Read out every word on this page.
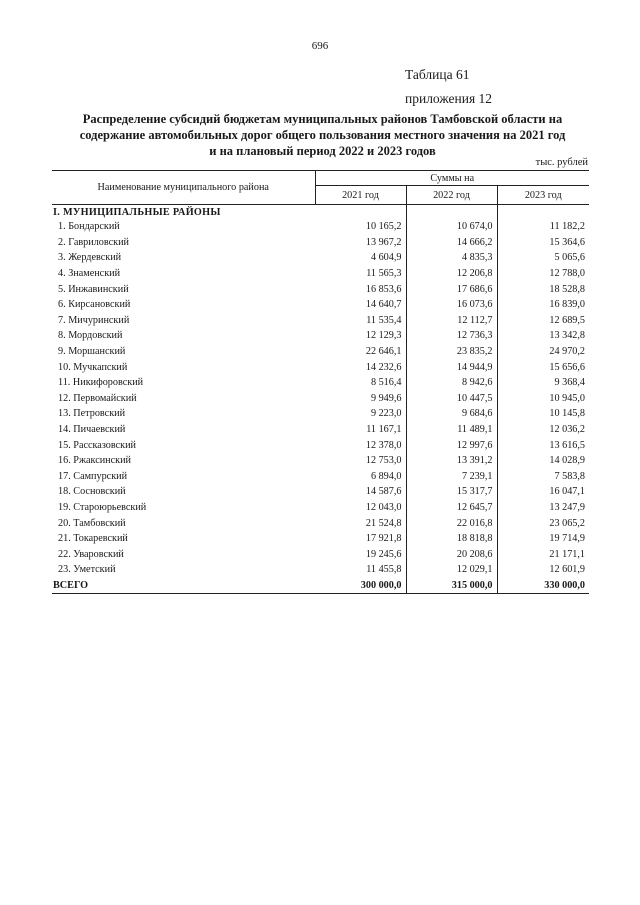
696
Таблица 61
приложения 12
Распределение субсидий бюджетам муниципальных районов Тамбовской области на
содержание автомобильных дорог общего пользования местного значения на 2021 год
и на плановый период 2022 и 2023 годов
тыс. рублей
Наименование муниципального района	Суммы на		
	2021 год	2022 год	2023 год
I. МУНИЦИПАЛЬНЫЕ РАЙОНЫ			
1. Бондарский	10 165,2	10 674,0	11 182,2
2. Гавриловский	13 967,2	14 666,2	15 364,6
3. Жердевский	4 604,9	4 835,3	5 065,6
4. Знаменский	11 565,3	12 206,8	12 788,0
5. Инжавинский	16 853,6	17 686,6	18 528,8
6. Кирсановский	14 640,7	16 073,6	16 839,0
7. Мичуринский	11 535,4	12 112,7	12 689,5
8. Мордовский	12 129,3	12 736,3	13 342,8
9. Моршанский	22 646,1	23 835,2	24 970,2
10. Мучкапский	14 232,6	14 944,9	15 656,6
11. Никифоровский	8 516,4	8 942,6	9 368,4
12. Первомайский	9 949,6	10 447,5	10 945,0
13. Петровский	9 223,0	9 684,6	10 145,8
14. Пичаевский	11 167,1	11 489,1	12 036,2
15. Рассказовский	12 378,0	12 997,6	13 616,5
16. Ржаксинский	12 753,0	13 391,2	14 028,9
17. Сампурский	6 894,0	7 239,1	7 583,8
18. Сосновский	14 587,6	15 317,7	16 047,1
19. Староюрьевский	12 043,0	12 645,7	13 247,9
20. Тамбовский	21 524,8	22 016,8	23 065,2
21. Токаревский	17 921,8	18 818,8	19 714,9
22. Уваровский	19 245,6	20 208,6	21 171,1
23. Уметский	11 455,8	12 029,1	12 601,9
ВСЕГО	300 000,0	315 000,0	330 000,0
